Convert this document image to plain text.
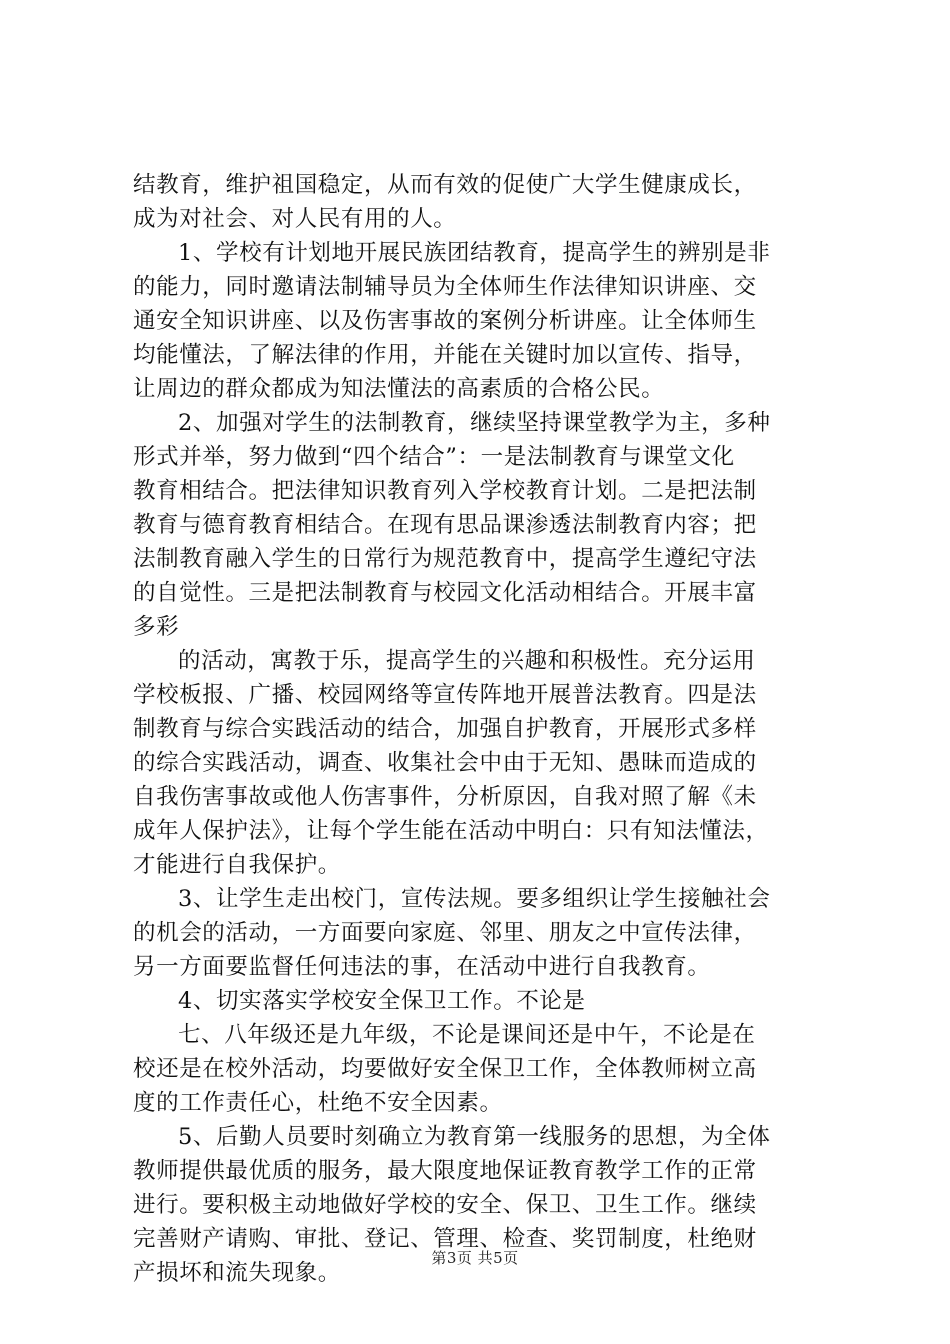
结教育，维护祖国稳定，从而有效的促使广大学生健康成长，
成为对社会、对人民有用的人。
1、学校有计划地开展民族团结教育，提高学生的辨别是非
的能力，同时邀请法制辅导员为全体师生作法律知识讲座、交
通安全知识讲座、以及伤害事故的案例分析讲座。让全体师生
均能懂法，了解法律的作用，并能在关键时加以宣传、指导，
让周边的群众都成为知法懂法的高素质的合格公民。
2、加强对学生的法制教育，继续坚持课堂教学为主，多种
形式并举，努力做到“四个结合”：一是法制教育与课堂文化
教育相结合。把法律知识教育列入学校教育计划。二是把法制
教育与德育教育相结合。在现有思品课渗透法制教育内容；把
法制教育融入学生的日常行为规范教育中，提高学生遵纪守法
的自觉性。三是把法制教育与校园文化活动相结合。开展丰富
多彩
的活动，寓教于乐，提高学生的兴趣和积极性。充分运用
学校板报、广播、校园网络等宣传阵地开展普法教育。四是法
制教育与综合实践活动的结合，加强自护教育，开展形式多样
的综合实践活动，调查、收集社会中由于无知、愚昧而造成的
自我伤害事故或他人伤害事件，分析原因，自我对照了解《未
成年人保护法》，让每个学生能在活动中明白：只有知法懂法，
才能进行自我保护。
3、让学生走出校门，宣传法规。要多组织让学生接触社会
的机会的活动，一方面要向家庭、邻里、朋友之中宣传法律，
另一方面要监督任何违法的事，在活动中进行自我教育。
4、切实落实学校安全保卫工作。不论是
七、八年级还是九年级，不论是课间还是中午，不论是在
校还是在校外活动，均要做好安全保卫工作，全体教师树立高
度的工作责任心，杜绝不安全因素。
5、后勤人员要时刻确立为教育第一线服务的思想，为全体
教师提供最优质的服务，最大限度地保证教育教学工作的正常
进行。要积极主动地做好学校的安全、保卫、卫生工作。继续
完善财产请购、审批、登记、管理、检查、奖罚制度，杜绝财
产损坏和流失现象。
第3页 共5页
